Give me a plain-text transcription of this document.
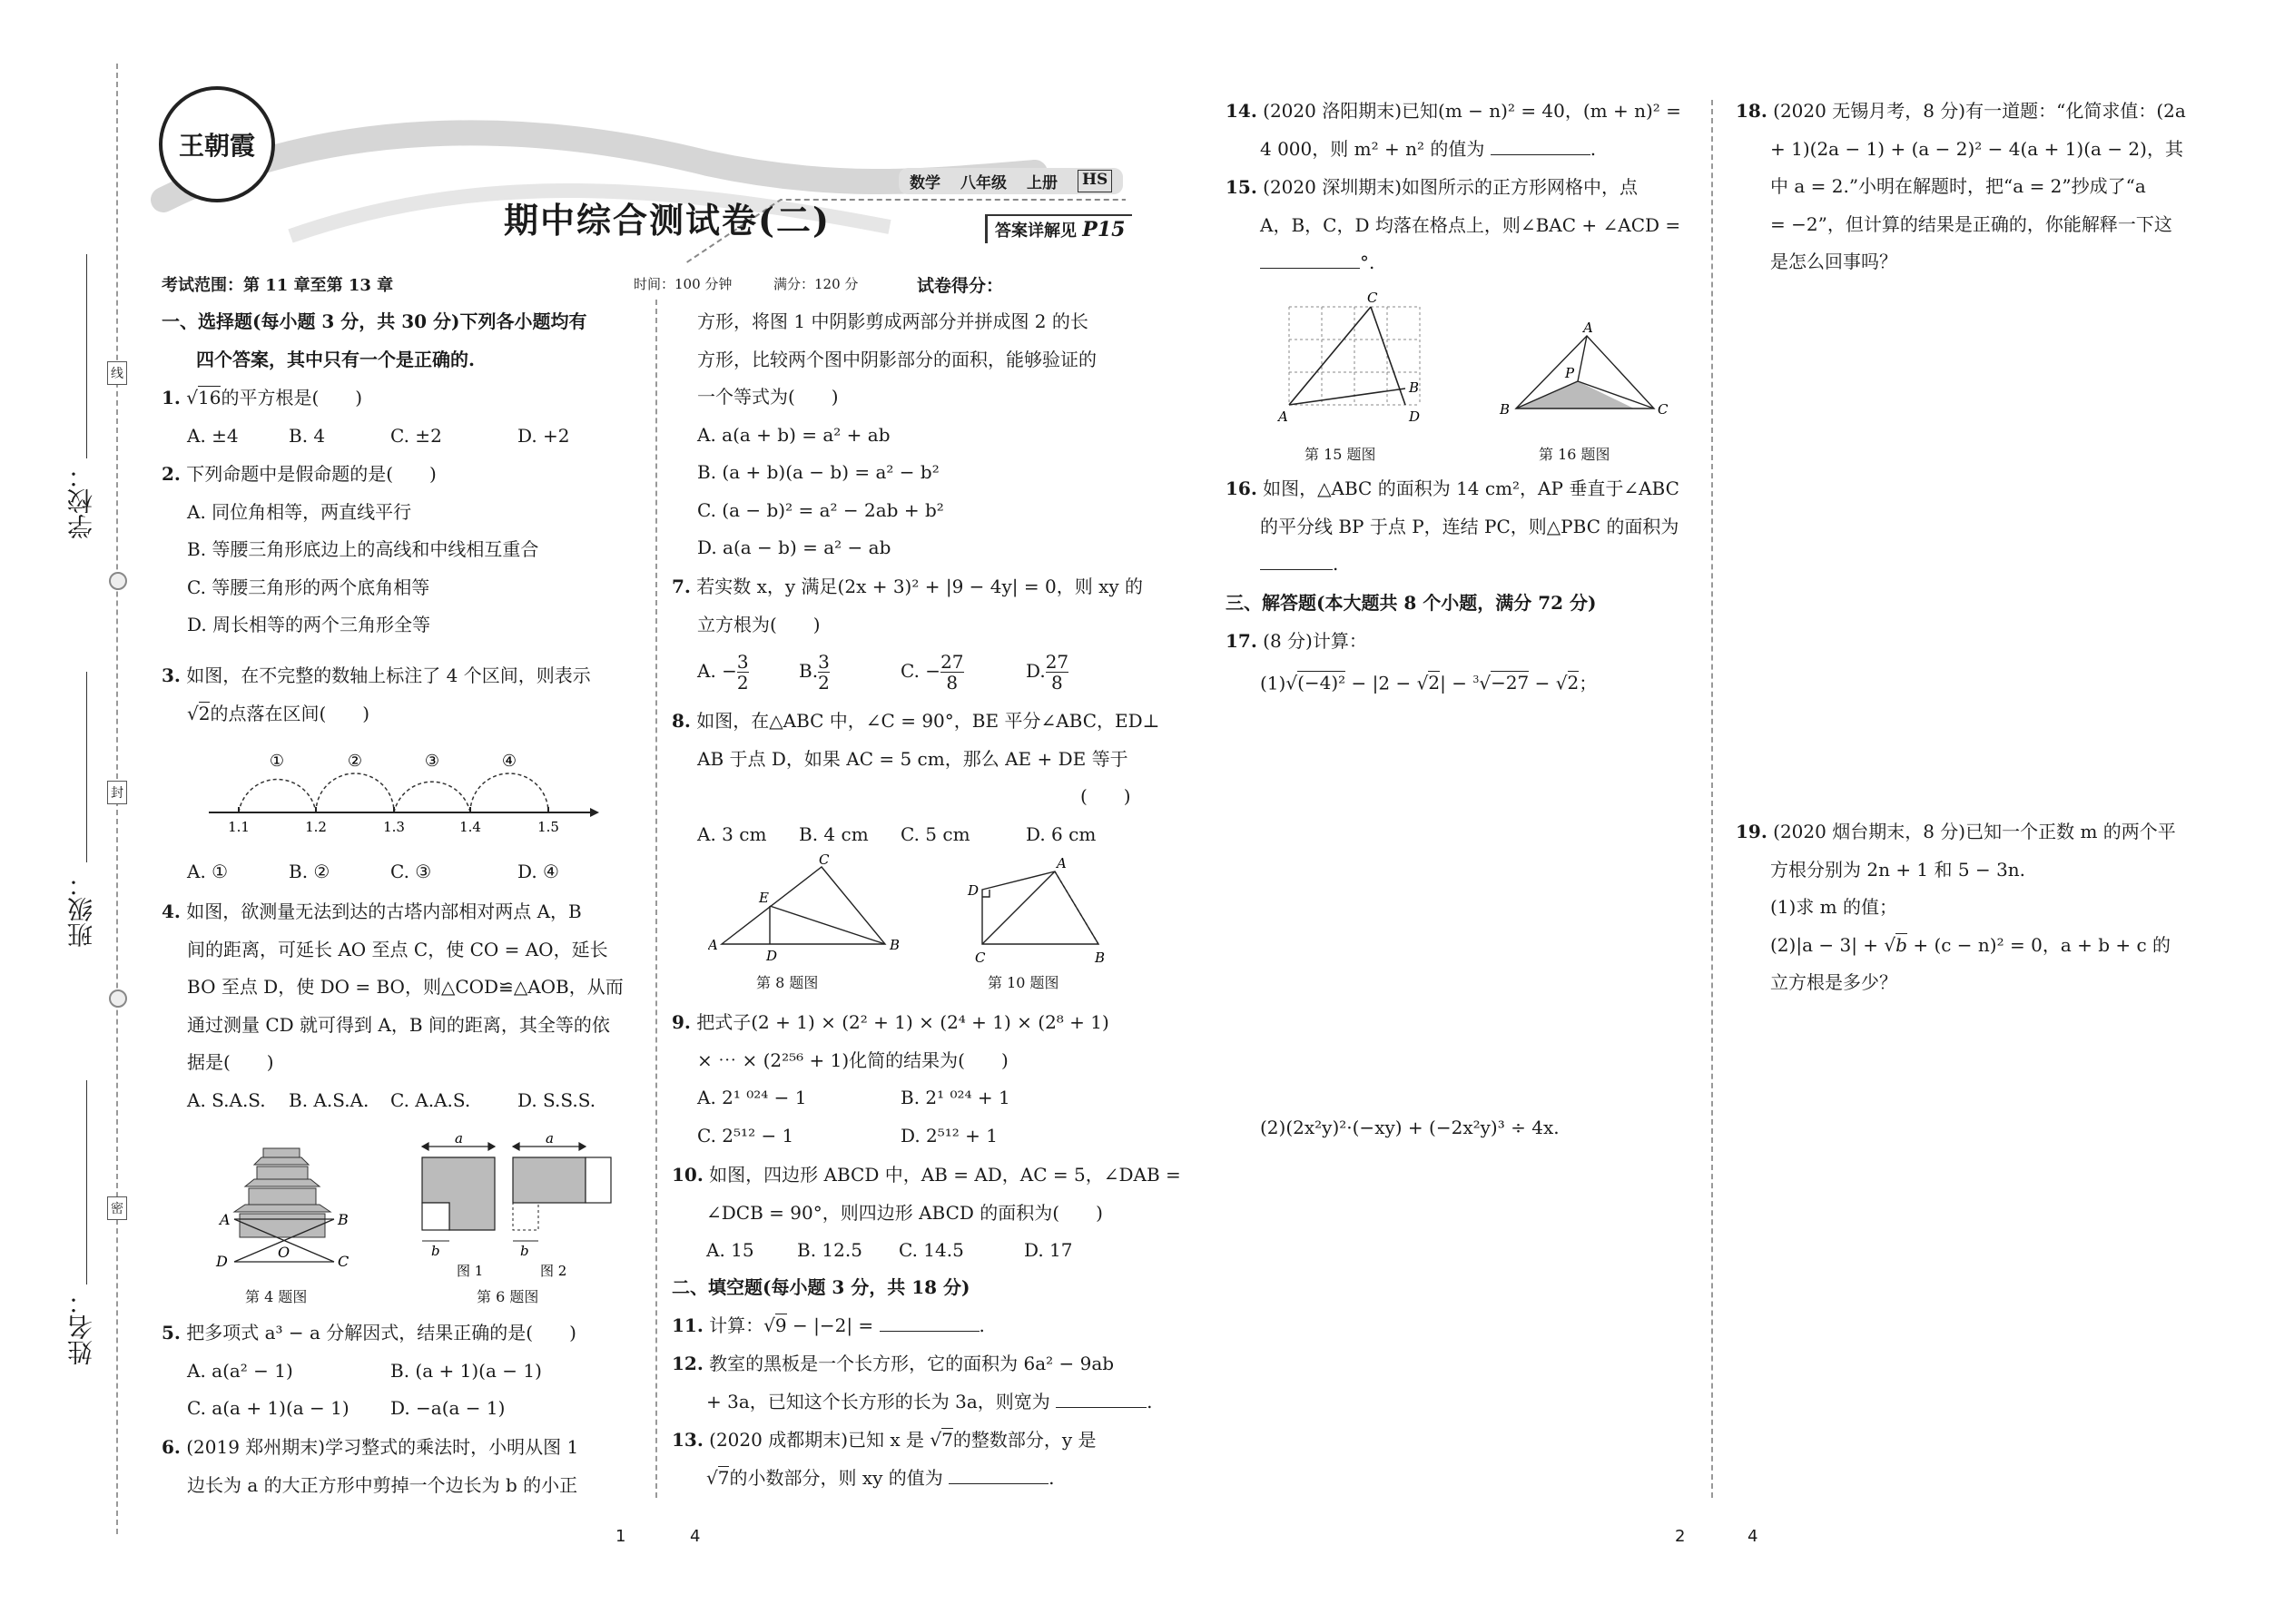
学校：
班级：
姓名：
线
封
密
王朝霞
期中综合测试卷(二)
数学 八年级 上册 HS
答案详解见 P15
考试范围：第 11 章至第 13 章	时间：100 分钟	满分：120 分	试卷得分：

一、选择题(每小题 3 分，共 30 分)下列各小题均有

四个答案，其中只有一个是正确的.

1. √16的平方根是(　　)

A. ±4	B. 4	C. ±2	D. +2

2. 下列命题中是假命题的是(　　)

A. 同位角相等，两直线平行

B. 等腰三角形底边上的高线和中线相互重合

C. 等腰三角形的两个底角相等

D. 周长相等的两个三角形全等

3. 如图，在不完整的数轴上标注了 4 个区间，则表示

√2的点落在区间(　　)

①	②	③	④
1.1	1.2	1.3	1.4	1.5

A. ①	B. ②	C. ③	D. ④

4. 如图，欲测量无法到达的古塔内部相对两点 A，B

间的距离，可延长 AO 至点 C，使 CO = AO，延长

BO 至点 D，使 DO = BO，则△COD≌△AOB，从而

通过测量 CD 就可得到 A，B 间的距离，其全等的依

据是(　　)

A. S.A.S.	B. A.S.A.	C. A.A.S.	D. S.S.S.

A	B
D
O
C
第 4 题图
a	a
b	b
图 1	图 2
第 6 题图

5. 把多项式 a³ − a 分解因式，结果正确的是(　　)

A. a(a² − 1)	B. (a + 1)(a − 1)

C. a(a + 1)(a − 1)	D. −a(a − 1)

6. (2019 郑州期末)学习整式的乘法时，小明从图 1

边长为 a 的大正方形中剪掉一个边长为 b 的小正

方形，将图 1 中阴影剪成两部分并拼成图 2 的长

方形，比较两个图中阴影部分的面积，能够验证的

一个等式为(　　)

A. a(a + b) = a² + ab

B. (a + b)(a − b) = a² − b²

C. (a − b)² = a² − 2ab + b²

D. a(a − b) = a² − ab

7. 若实数 x，y 满足(2x + 3)² + |9 − 4y| = 0，则 xy 的

立方根为(　　)

A. − $\frac{3}{2}$	B. $\frac{3}{2}$	C. − $\frac{27}{8}$	D. $\frac{27}{8}$

8. 如图，在△ABC 中，∠C = 90°，BE 平分∠ABC，ED⊥

AB 于点 D，如果 AC = 5 cm，那么 AE + DE 等于

(　　)

A. 3 cm	B. 4 cm	C. 5 cm	D. 6 cm

A
C
B
E
D
第 8 题图
D
A
C	B
第 10 题图

9. 把式子(2 + 1) × (2² + 1) × (2⁴ + 1) × (2⁸ + 1)

× ⋯ × (2²⁵⁶ + 1)化简的结果为(　　)

A. 2¹ ⁰²⁴ − 1	B. 2¹ ⁰²⁴ + 1

C. 2⁵¹² − 1	D. 2⁵¹² + 1

10. 如图，四边形 ABCD 中，AB = AD，AC = 5，∠DAB =

∠DCB = 90°，则四边形 ABCD 的面积为(　　)

A. 15	B. 12.5	C. 14.5	D. 17

二、填空题(每小题 3 分，共 18 分)

11. 计算：√9 − |−2| =	.

12. 教室的黑板是一个长方形，它的面积为 6a² − 9ab

+ 3a，已知这个长方形的长为 3a，则宽为	.

13. (2020 成都期末)已知 x 是 √7的整数部分，y 是

√7的小数部分，则 xy 的值为	.

14. (2020 洛阳期末)已知(m − n)² = 40，(m + n)² =

4 000，则 m² + n² 的值为	.

15. (2020 深圳期末)如图所示的正方形网格中，点

A，B，C，D 均落在格点上，则∠BAC + ∠ACD =

°.

A
C
B
D
第 15 题图
A
P
B	C
第 16 题图

16. 如图，△ABC 的面积为 14 cm²，AP 垂直于∠ABC

的平分线 BP 于点 P，连结 PC，则△PBC 的面积为

.

三、解答题(本大题共 8 个小题，满分 72 分)

17. (8 分)计算：

(1)√(−4)² − |2 − √2| − $^3$√−27 − √2；

(2)(2x²y)²·(−xy) + (−2x²y)³ ÷ 4x.

18. (2020 无锡月考，8 分)有一道题：“化简求值：(2a

+ 1)(2a − 1) + (a − 2)² − 4(a + 1)(a − 2)，其

中 a = 2.”小明在解题时，把“a = 2”抄成了“a

= −2”，但计算的结果是正确的，你能解释一下这

是怎么回事吗？

19. (2020 烟台期末，8 分)已知一个正数 m 的两个平

方根分别为 2n + 1 和 5 − 3n.

(1)求 m 的值；

(2)|a − 3| + √b + (c − n)² = 0，a + b + c 的

立方根是多少？

1	4	2	4
